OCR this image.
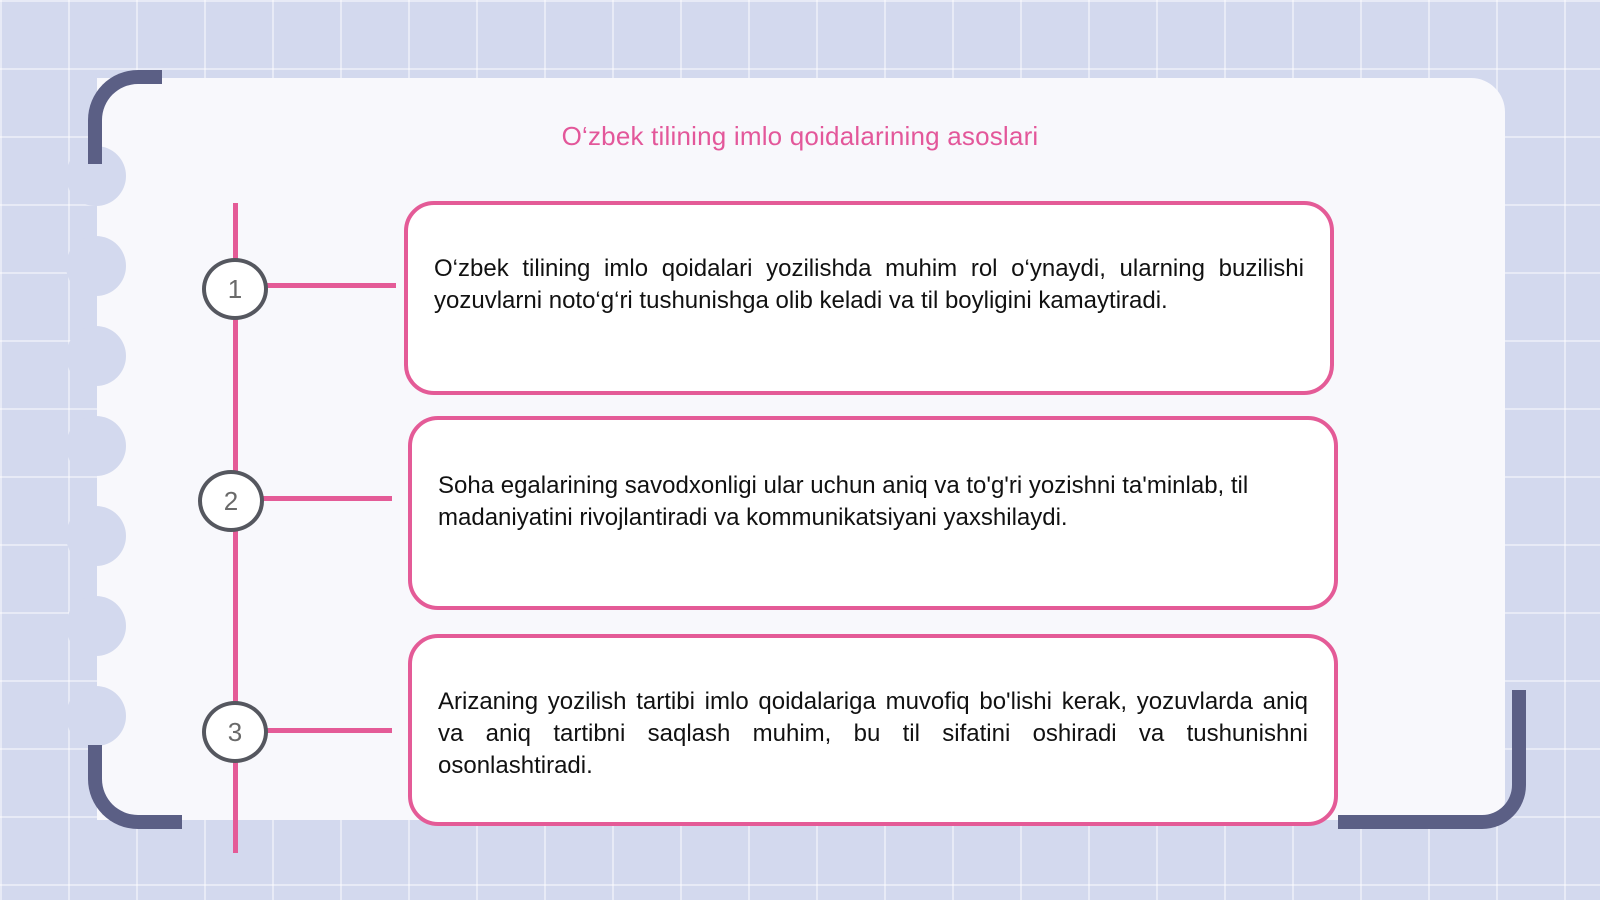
O‘zbek tilining imlo qoidalarining asoslari
1
O‘zbek tilining imlo qoidalari yozilishda muhim rol o‘ynaydi, ularning buzilishi yozuvlarni noto‘g‘ri tushunishga olib keladi va til boyligini kamaytiradi.
2	Soha egalarining savodxonligi ular uchun aniq va to'g'ri yozishni ta'minlab, til madaniyatini rivojlantiradi va kommunikatsiyani yaxshilaydi.
3
Arizaning yozilish tartibi imlo qoidalariga muvofiq bo'lishi kerak, yozuvlarda aniq va aniq tartibni saqlash muhim, bu til sifatini oshiradi va tushunishni osonlashtiradi.
